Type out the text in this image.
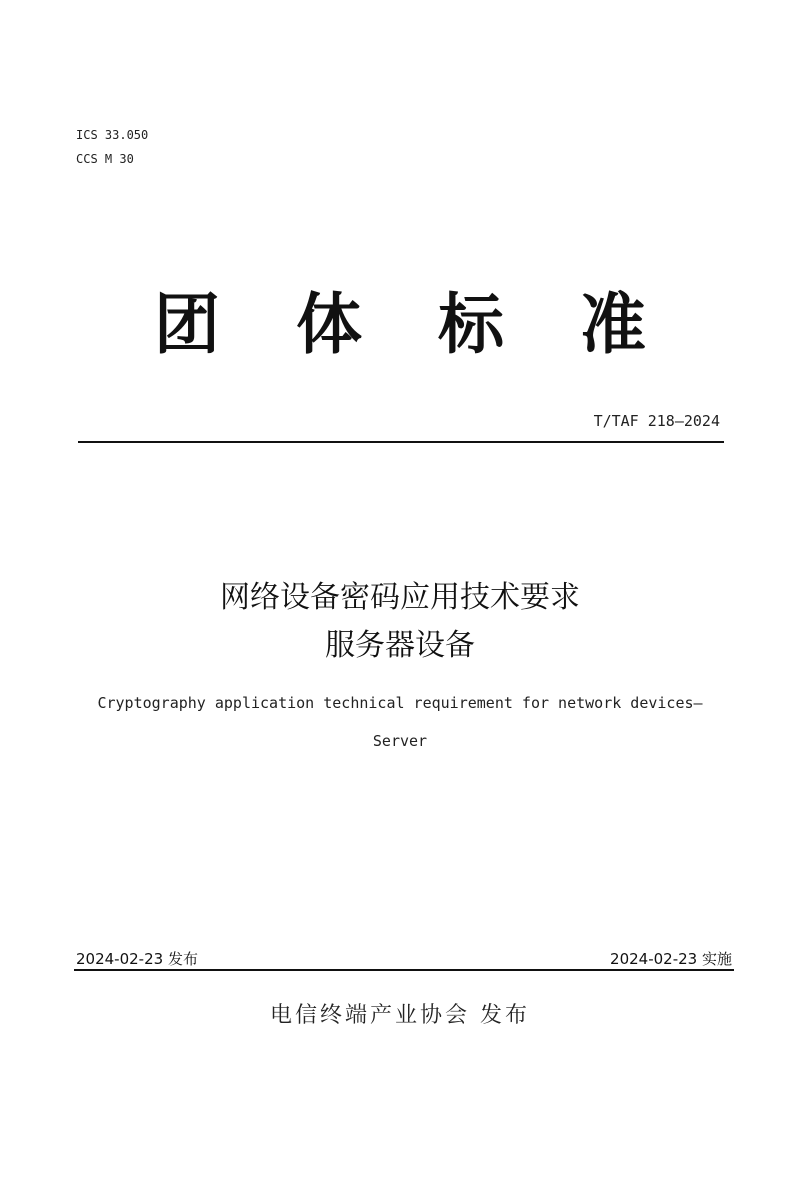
ICS 33.050
CCS M 30
团体标准
T/TAF 218—2024
网络设备密码应用技术要求
服务器设备
Cryptography application technical requirement for network devices—
Server
2024-02-23 发布	2024-02-23 实施
电信终端产业协会 发布
